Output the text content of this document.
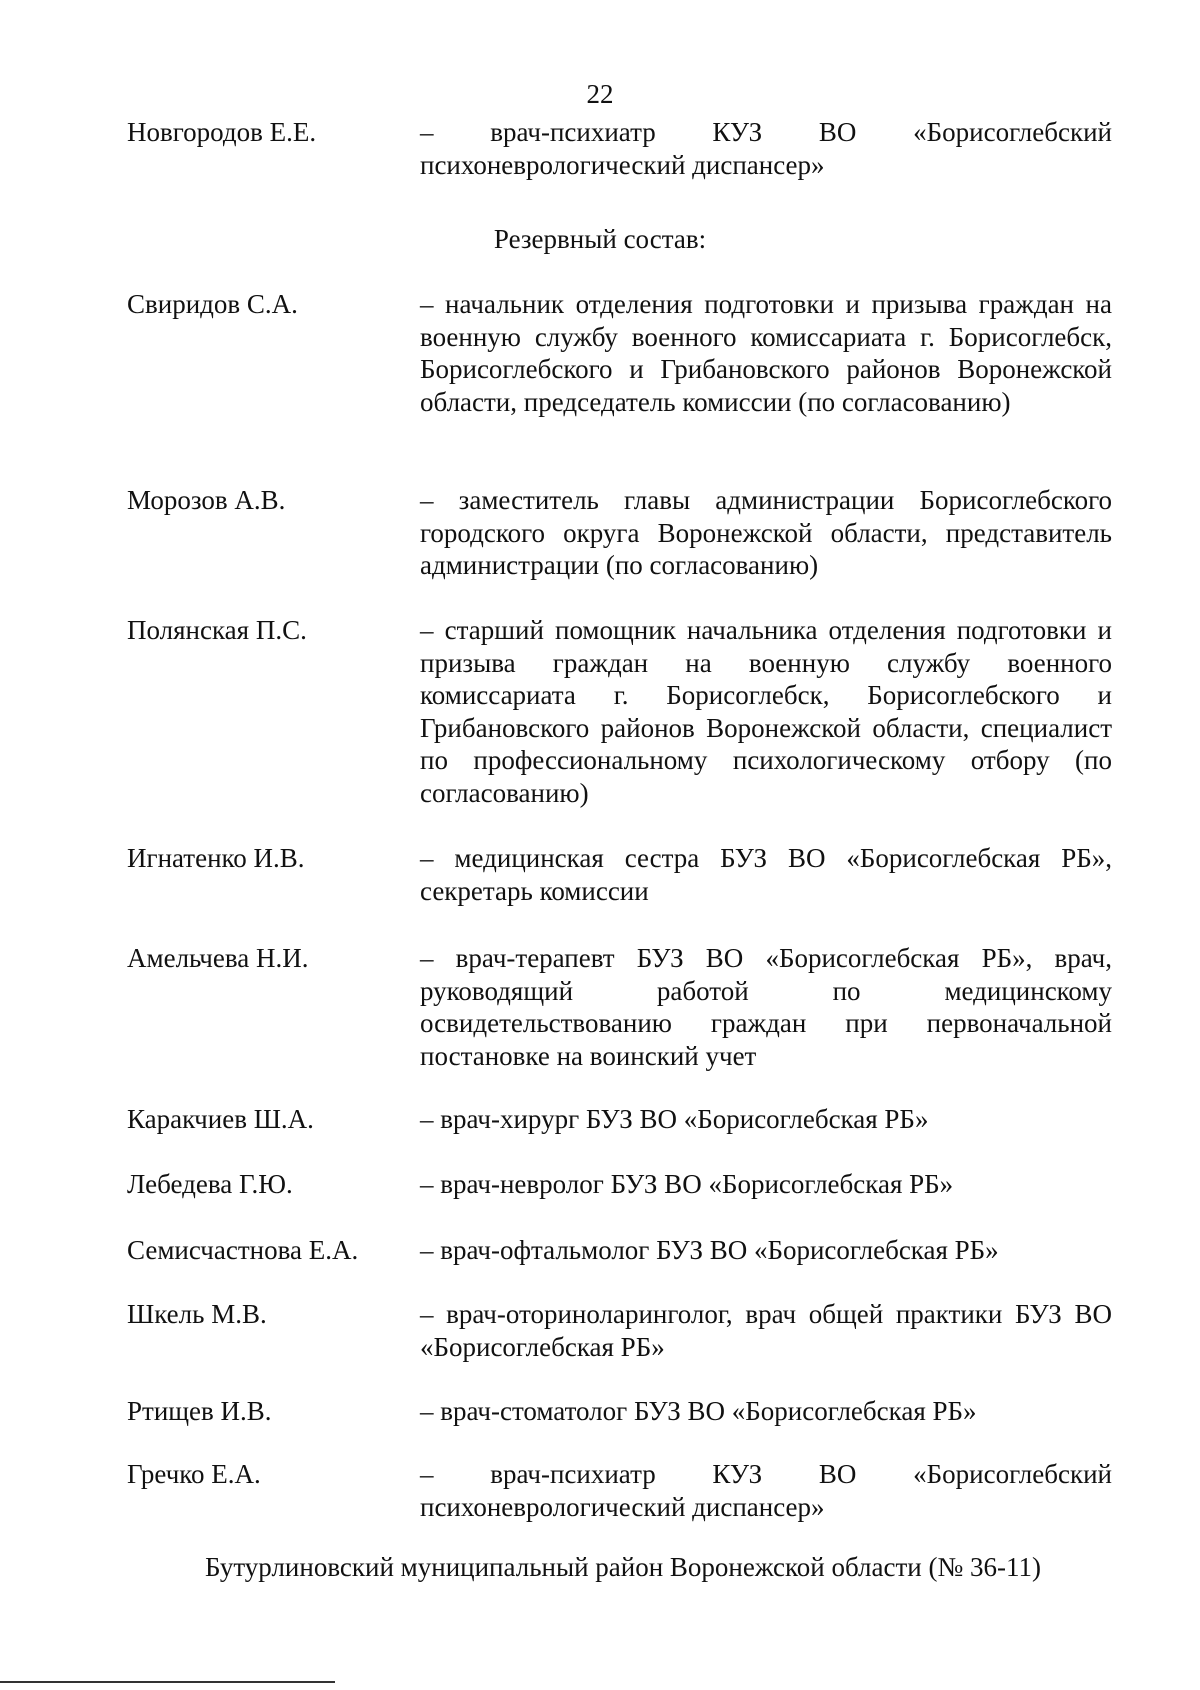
22
Новгородов Е.Е.	– врач-психиатр КУЗ ВО «Борисоглебский психоневрологический диспансер»
Резервный состав:
Свиридов С.А.	– начальник отделения подготовки и призыва граждан на военную службу военного комиссариата г. Борисоглебск, Борисоглебского и Грибановского районов Воронежской области, председатель комиссии (по согласованию)
Морозов А.В.	– заместитель главы администрации Борисоглебского городского округа Воронежской области, представитель администрации (по согласованию)
Полянская П.С.	– старший помощник начальника отделения подготовки и призыва граждан на военную службу военного комиссариата г. Борисоглебск, Борисоглебского и Грибановского районов Воронежской области, специалист по профессиональному психологическому отбору (по согласованию)
Игнатенко И.В.	– медицинская сестра БУЗ ВО «Борисоглебская РБ», секретарь комиссии
Амельчева Н.И.	– врач-терапевт БУЗ ВО «Борисоглебская РБ», врач, руководящий работой по медицинскому освидетельствованию граждан при первоначальной постановке на воинский учет
Каракчиев Ш.А.	– врач-хирург БУЗ ВО «Борисоглебская РБ»
Лебедева Г.Ю.	– врач-невролог БУЗ ВО «Борисоглебская РБ»
Семисчастнова Е.А. – врач-офтальмолог БУЗ ВО «Борисоглебская РБ»
Шкель М.В.	– врач-оториноларинголог, врач общей практики БУЗ ВО «Борисоглебская РБ»
Ртищев И.В.	– врач-стоматолог БУЗ ВО «Борисоглебская РБ»
Гречко Е.А.	– врач-психиатр КУЗ ВО «Борисоглебский психоневрологический диспансер»
Бутурлиновский муниципальный район Воронежской области (№ 36-11)
